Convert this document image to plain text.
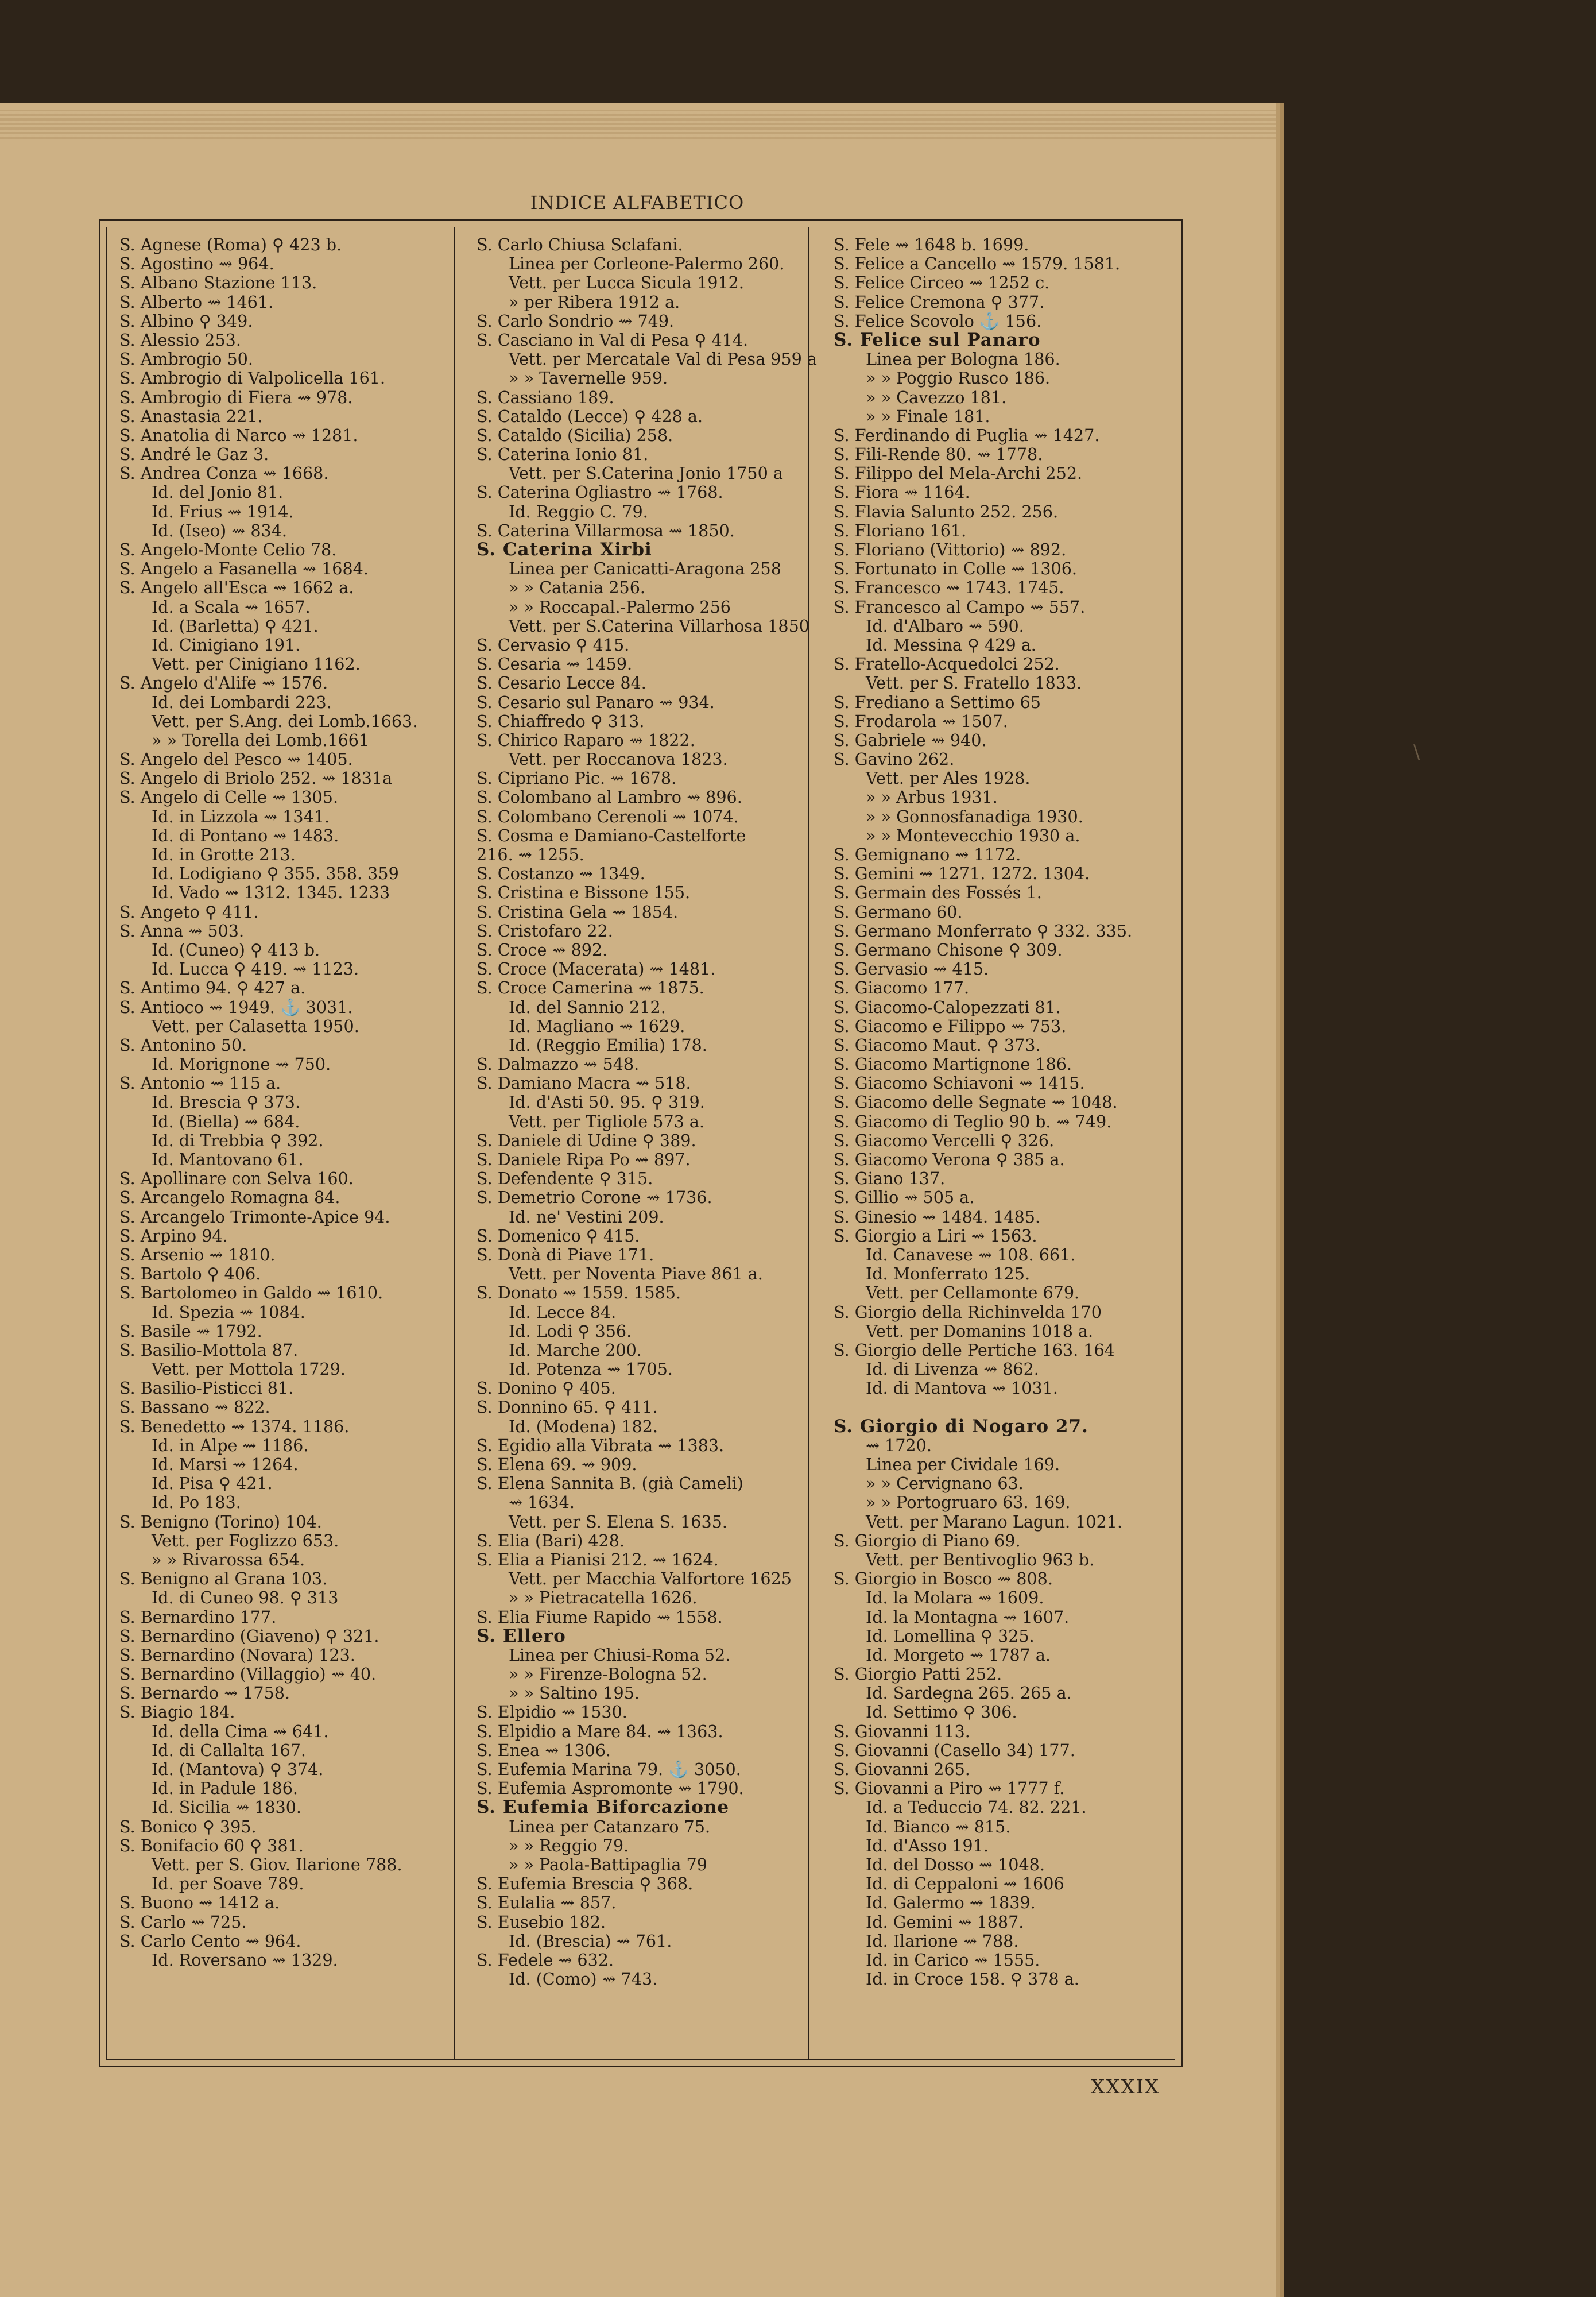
INDICE ALFABETICO
S. Agnese (Roma) ⚲ 423 b.
S. Agostino ⇝ 964.
S. Albano Stazione 113.
S. Alberto ⇝ 1461.
S. Albino ⚲ 349.
S. Alessio 253.
S. Ambrogio 50.
S. Ambrogio di Valpolicella 161.
S. Ambrogio di Fiera ⇝ 978.
S. Anastasia 221.
S. Anatolia di Narco ⇝ 1281.
S. André le Gaz 3.
S. Andrea Conza ⇝ 1668.
Id. del Jonio 81.
Id. Frius ⇝ 1914.
Id. (Iseo) ⇝ 834.
S. Angelo-Monte Celio 78.
S. Angelo a Fasanella ⇝ 1684.
S. Angelo all'Esca ⇝ 1662 a.
Id. a Scala ⇝ 1657.
Id. (Barletta) ⚲ 421.
Id. Cinigiano 191.
Vett. per Cinigiano 1162.
S. Angelo d'Alife ⇝ 1576.
Id. dei Lombardi 223.
Vett. per S.Ang. dei Lomb.1663.
» » Torella dei Lomb.1661
S. Angelo del Pesco ⇝ 1405.
S. Angelo di Briolo 252. ⇝ 1831a
S. Angelo di Celle ⇝ 1305.
Id. in Lizzola ⇝ 1341.
Id. di Pontano ⇝ 1483.
Id. in Grotte 213.
Id. Lodigiano ⚲ 355. 358. 359
Id. Vado ⇝ 1312. 1345. 1233
S. Angeto ⚲ 411.
S. Anna ⇝ 503.
Id. (Cuneo) ⚲ 413 b.
Id. Lucca ⚲ 419. ⇝ 1123.
S. Antimo 94. ⚲ 427 a.
S. Antioco ⇝ 1949. ⚓ 3031.
Vett. per Calasetta 1950.
S. Antonino 50.
Id. Morignone ⇝ 750.
S. Antonio ⇝ 115 a.
Id. Brescia ⚲ 373.
Id. (Biella) ⇝ 684.
Id. di Trebbia ⚲ 392.
Id. Mantovano 61.
S. Apollinare con Selva 160.
S. Arcangelo Romagna 84.
S. Arcangelo Trimonte-Apice 94.
S. Arpino 94.
S. Arsenio ⇝ 1810.
S. Bartolo ⚲ 406.
S. Bartolomeo in Galdo ⇝ 1610.
Id. Spezia ⇝ 1084.
S. Basile ⇝ 1792.
S. Basilio-Mottola 87.
Vett. per Mottola 1729.
S. Basilio-Pisticci 81.
S. Bassano ⇝ 822.
S. Benedetto ⇝ 1374. 1186.
Id. in Alpe ⇝ 1186.
Id. Marsi ⇝ 1264.
Id. Pisa ⚲ 421.
Id. Po 183.
S. Benigno (Torino) 104.
Vett. per Foglizzo 653.
» » Rivarossa 654.
S. Benigno al Grana 103.
Id. di Cuneo 98. ⚲ 313
S. Bernardino 177.
S. Bernardino (Giaveno) ⚲ 321.
S. Bernardino (Novara) 123.
S. Bernardino (Villaggio) ⇝ 40.
S. Bernardo ⇝ 1758.
S. Biagio 184.
Id. della Cima ⇝ 641.
Id. di Callalta 167.
Id. (Mantova) ⚲ 374.
Id. in Padule 186.
Id. Sicilia ⇝ 1830.
S. Bonico ⚲ 395.
S. Bonifacio 60 ⚲ 381.
Vett. per S. Giov. Ilarione 788.
Id. per Soave 789.
S. Buono ⇝ 1412 a.
S. Carlo ⇝ 725.
S. Carlo Cento ⇝ 964.
Id. Roversano ⇝ 1329.
S. Carlo Chiusa Sclafani.
Linea per Corleone-Palermo 260.
Vett. per Lucca Sicula 1912.
» per Ribera 1912 a.
S. Carlo Sondrio ⇝ 749.
S. Casciano in Val di Pesa ⚲ 414.
Vett. per Mercatale Val di Pesa 959 a
» » Tavernelle 959.
S. Cassiano 189.
S. Cataldo (Lecce) ⚲ 428 a.
S. Cataldo (Sicilia) 258.
S. Caterina Ionio 81.
Vett. per S.Caterina Jonio 1750 a
S. Caterina Ogliastro ⇝ 1768.
Id. Reggio C. 79.
S. Caterina Villarmosa ⇝ 1850.
S. Caterina Xirbi
Linea per Canicatti-Aragona 258
» » Catania 256.
» » Roccapal.-Palermo 256
Vett. per S.Caterina Villarhosa 1850
S. Cervasio ⚲ 415.
S. Cesaria ⇝ 1459.
S. Cesario Lecce 84.
S. Cesario sul Panaro ⇝ 934.
S. Chiaffredo ⚲ 313.
S. Chirico Raparo ⇝ 1822.
Vett. per Roccanova 1823.
S. Cipriano Pic. ⇝ 1678.
S. Colombano al Lambro ⇝ 896.
S. Colombano Cerenoli ⇝ 1074.
S. Cosma e Damiano-Castelforte
216. ⇝ 1255.
S. Costanzo ⇝ 1349.
S. Cristina e Bissone 155.
S. Cristina Gela ⇝ 1854.
S. Cristofaro 22.
S. Croce ⇝ 892.
S. Croce (Macerata) ⇝ 1481.
S. Croce Camerina ⇝ 1875.
Id. del Sannio 212.
Id. Magliano ⇝ 1629.
Id. (Reggio Emilia) 178.
S. Dalmazzo ⇝ 548.
S. Damiano Macra ⇝ 518.
Id. d'Asti 50. 95. ⚲ 319.
Vett. per Tigliole 573 a.
S. Daniele di Udine ⚲ 389.
S. Daniele Ripa Po ⇝ 897.
S. Defendente ⚲ 315.
S. Demetrio Corone ⇝ 1736.
Id. ne' Vestini 209.
S. Domenico ⚲ 415.
S. Donà di Piave 171.
Vett. per Noventa Piave 861 a.
S. Donato ⇝ 1559. 1585.
Id. Lecce 84.
Id. Lodi ⚲ 356.
Id. Marche 200.
Id. Potenza ⇝ 1705.
S. Donino ⚲ 405.
S. Donnino 65. ⚲ 411.
Id. (Modena) 182.
S. Egidio alla Vibrata ⇝ 1383.
S. Elena 69. ⇝ 909.
S. Elena Sannita B. (già Cameli)
⇝ 1634.
Vett. per S. Elena S. 1635.
S. Elia (Bari) 428.
S. Elia a Pianisi 212. ⇝ 1624.
Vett. per Macchia Valfortore 1625
» » Pietracatella 1626.
S. Elia Fiume Rapido ⇝ 1558.
S. Ellero
Linea per Chiusi-Roma 52.
» » Firenze-Bologna 52.
» » Saltino 195.
S. Elpidio ⇝ 1530.
S. Elpidio a Mare 84. ⇝ 1363.
S. Enea ⇝ 1306.
S. Eufemia Marina 79. ⚓ 3050.
S. Eufemia Aspromonte ⇝ 1790.
S. Eufemia Biforcazione
Linea per Catanzaro 75.
» » Reggio 79.
» » Paola-Battipaglia 79
S. Eufemia Brescia ⚲ 368.
S. Eulalia ⇝ 857.
S. Eusebio 182.
Id. (Brescia) ⇝ 761.
S. Fedele ⇝ 632.
Id. (Como) ⇝ 743.
S. Fele ⇝ 1648 b. 1699.
S. Felice a Cancello ⇝ 1579. 1581.
S. Felice Circeo ⇝ 1252 c.
S. Felice Cremona ⚲ 377.
S. Felice Scovolo ⚓ 156.
S. Felice sul Panaro
Linea per Bologna 186.
» » Poggio Rusco 186.
» » Cavezzo 181.
» » Finale 181.
S. Ferdinando di Puglia ⇝ 1427.
S. Fili-Rende 80. ⇝ 1778.
S. Filippo del Mela-Archi 252.
S. Fiora ⇝ 1164.
S. Flavia Salunto 252. 256.
S. Floriano 161.
S. Floriano (Vittorio) ⇝ 892.
S. Fortunato in Colle ⇝ 1306.
S. Francesco ⇝ 1743. 1745.
S. Francesco al Campo ⇝ 557.
Id. d'Albaro ⇝ 590.
Id. Messina ⚲ 429 a.
S. Fratello-Acquedolci 252.
Vett. per S. Fratello 1833.
S. Frediano a Settimo 65
S. Frodarola ⇝ 1507.
S. Gabriele ⇝ 940.
S. Gavino 262.
Vett. per Ales 1928.
» » Arbus 1931.
» » Gonnosfanadiga 1930.
» » Montevecchio 1930 a.
S. Gemignano ⇝ 1172.
S. Gemini ⇝ 1271. 1272. 1304.
S. Germain des Fossés 1.
S. Germano 60.
S. Germano Monferrato ⚲ 332. 335.
S. Germano Chisone ⚲ 309.
S. Gervasio ⇝ 415.
S. Giacomo 177.
S. Giacomo-Calopezzati 81.
S. Giacomo e Filippo ⇝ 753.
S. Giacomo Maut. ⚲ 373.
S. Giacomo Martignone 186.
S. Giacomo Schiavoni ⇝ 1415.
S. Giacomo delle Segnate ⇝ 1048.
S. Giacomo di Teglio 90 b. ⇝ 749.
S. Giacomo Vercelli ⚲ 326.
S. Giacomo Verona ⚲ 385 a.
S. Giano 137.
S. Gillio ⇝ 505 a.
S. Ginesio ⇝ 1484. 1485.
S. Giorgio a Liri ⇝ 1563.
Id. Canavese ⇝ 108. 661.
Id. Monferrato 125.
Vett. per Cellamonte 679.
S. Giorgio della Richinvelda 170
Vett. per Domanins 1018 a.
S. Giorgio delle Pertiche 163. 164
Id. di Livenza ⇝ 862.
Id. di Mantova ⇝ 1031.
S. Giorgio di Nogaro 27.
⇝ 1720.
Linea per Cividale 169.
» » Cervignano 63.
» » Portogruaro 63. 169.
Vett. per Marano Lagun. 1021.
S. Giorgio di Piano 69.
Vett. per Bentivoglio 963 b.
S. Giorgio in Bosco ⇝ 808.
Id. la Molara ⇝ 1609.
Id. la Montagna ⇝ 1607.
Id. Lomellina ⚲ 325.
Id. Morgeto ⇝ 1787 a.
S. Giorgio Patti 252.
Id. Sardegna 265. 265 a.
Id. Settimo ⚲ 306.
S. Giovanni 113.
S. Giovanni (Casello 34) 177.
S. Giovanni 265.
S. Giovanni a Piro ⇝ 1777 f.
Id. a Teduccio 74. 82. 221.
Id. Bianco ⇝ 815.
Id. d'Asso 191.
Id. del Dosso ⇝ 1048.
Id. di Ceppaloni ⇝ 1606
Id. Galermo ⇝ 1839.
Id. Gemini ⇝ 1887.
Id. Ilarione ⇝ 788.
Id. in Carico ⇝ 1555.
Id. in Croce 158. ⚲ 378 a.
XXXIX
\
